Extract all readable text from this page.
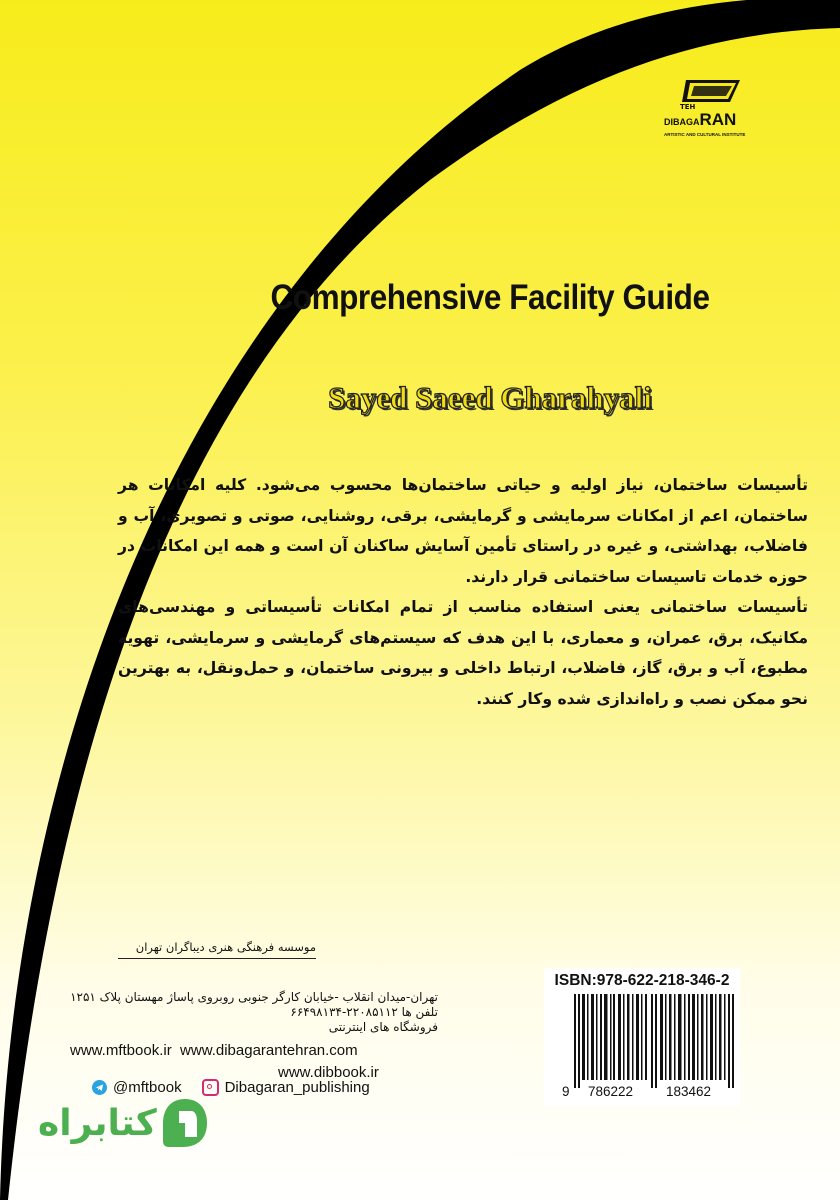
TEH
DIBAGARAN
ARTISTIC AND CULTURAL INSTITUTE
Comprehensive Facility Guide
Sayed Saeed Gharahyali

تأسیسات ساختمان، نیاز اولیه و حیاتی ساختمان‌ها محسوب می‌شود. کلیه امکانات هر ساختمان، اعم از امکانات سرمایشی و گرمایشی، برقی، روشنایی، صوتی و تصویری، آب و فاضلاب، بهداشتی، و غیره در راستای تأمین آسایش ساکنان آن است و همه این امکانات در حوزه خدمات تاسیسات ساختمانی قرار دارند.

تأسیسات ساختمانی یعنی استفاده مناسب از تمام امکانات تأسیساتی و مهندسی‌های مکانیک، برق، عمران، و معماری، با این هدف که سیستم‌های گرمایشی و سرمایشی، تهویه مطبوع، آب و برق، گاز، فاضلاب، ارتباط داخلی و بیرونی ساختمان، و حمل‌ونقل، به بهترین نحو ممکن نصب و راه‌اندازی شده وکار کنند.

موسسه فرهنگی هنری دیباگران تهران
تهران-میدان انقلاب -خیابان کارگر جنوبی روبروی پاساژ مهستان پلاک ۱۲۵۱
تلفن ها ۲۲۰۸۵۱۱۲-۶۶۴۹۸۱۳۴
فروشگاه های اینترنتی
www.mftbook.ir www.dibagarantehran.com
www.dibbook.ir
@mftbook	Dibagaran_publishing
کتابراه
ISBN:978-622-218-346-2
9 786222 183462
